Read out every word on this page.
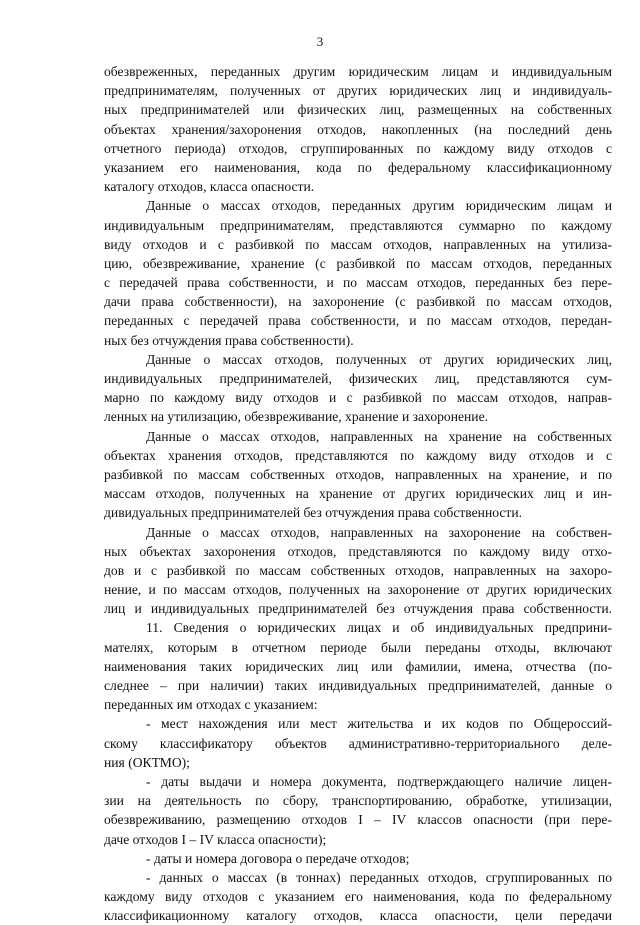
3
обезвреженных, переданных другим юридическим лицам и индивидуальным
предпринимателям, полученных от других юридических лиц и индивидуаль-
ных предпринимателей или физических лиц, размещенных на собственных
объектах хранения/захоронения отходов, накопленных (на последний день
отчетного периода) отходов, сгруппированных по каждому виду отходов с
указанием его наименования, кода по федеральному классификационному
каталогу отходов, класса опасности.
Данные о массах отходов, переданных другим юридическим лицам и
индивидуальным предпринимателям, представляются суммарно по каждому
виду отходов и с разбивкой по массам отходов, направленных на утилиза-
цию, обезвреживание, хранение (с разбивкой по массам отходов, переданных
с передачей права собственности, и по массам отходов, переданных без пере-
дачи права собственности), на захоронение (с разбивкой по массам отходов,
переданных с передачей права собственности, и по массам отходов, передан-
ных без отчуждения права собственности).
Данные о массах отходов, полученных от других юридических лиц,
индивидуальных предпринимателей, физических лиц, представляются сум-
марно по каждому виду отходов и с разбивкой по массам отходов, направ-
ленных на утилизацию, обезвреживание, хранение и захоронение.
Данные о массах отходов, направленных на хранение на собственных
объектах хранения отходов, представляются по каждому виду отходов и с
разбивкой по массам собственных отходов, направленных на хранение, и по
массам отходов, полученных на хранение от других юридических лиц и ин-
дивидуальных предпринимателей без отчуждения права собственности.
Данные о массах отходов, направленных на захоронение на собствен-
ных объектах захоронения отходов, представляются по каждому виду отхо-
дов и с разбивкой по массам собственных отходов, направленных на захоро-
нение, и по массам отходов, полученных на захоронение от других юридических
лиц и индивидуальных предпринимателей без отчуждения права собственности.
11. Сведения о юридических лицах и об индивидуальных предприни-
мателях, которым в отчетном периоде были переданы отходы, включают
наименования таких юридических лиц или фамилии, имена, отчества (по-
следнее – при наличии) таких индивидуальных предпринимателей, данные о
переданных им отходах с указанием:
- мест нахождения или мест жительства и их кодов по Общероссий-
скому классификатору объектов административно-территориального деле-
ния (ОКТМО);
- даты выдачи и номера документа, подтверждающего наличие лицен-
зии на деятельность по сбору, транспортированию, обработке, утилизации,
обезвреживанию, размещению отходов I – IV классов опасности (при пере-
даче отходов I – IV класса опасности);
- даты и номера договора о передаче отходов;
- данных о массах (в тоннах) переданных отходов, сгруппированных по
каждому виду отходов с указанием его наименования, кода по федеральному
классификационному каталогу отходов, класса опасности, цели передачи
